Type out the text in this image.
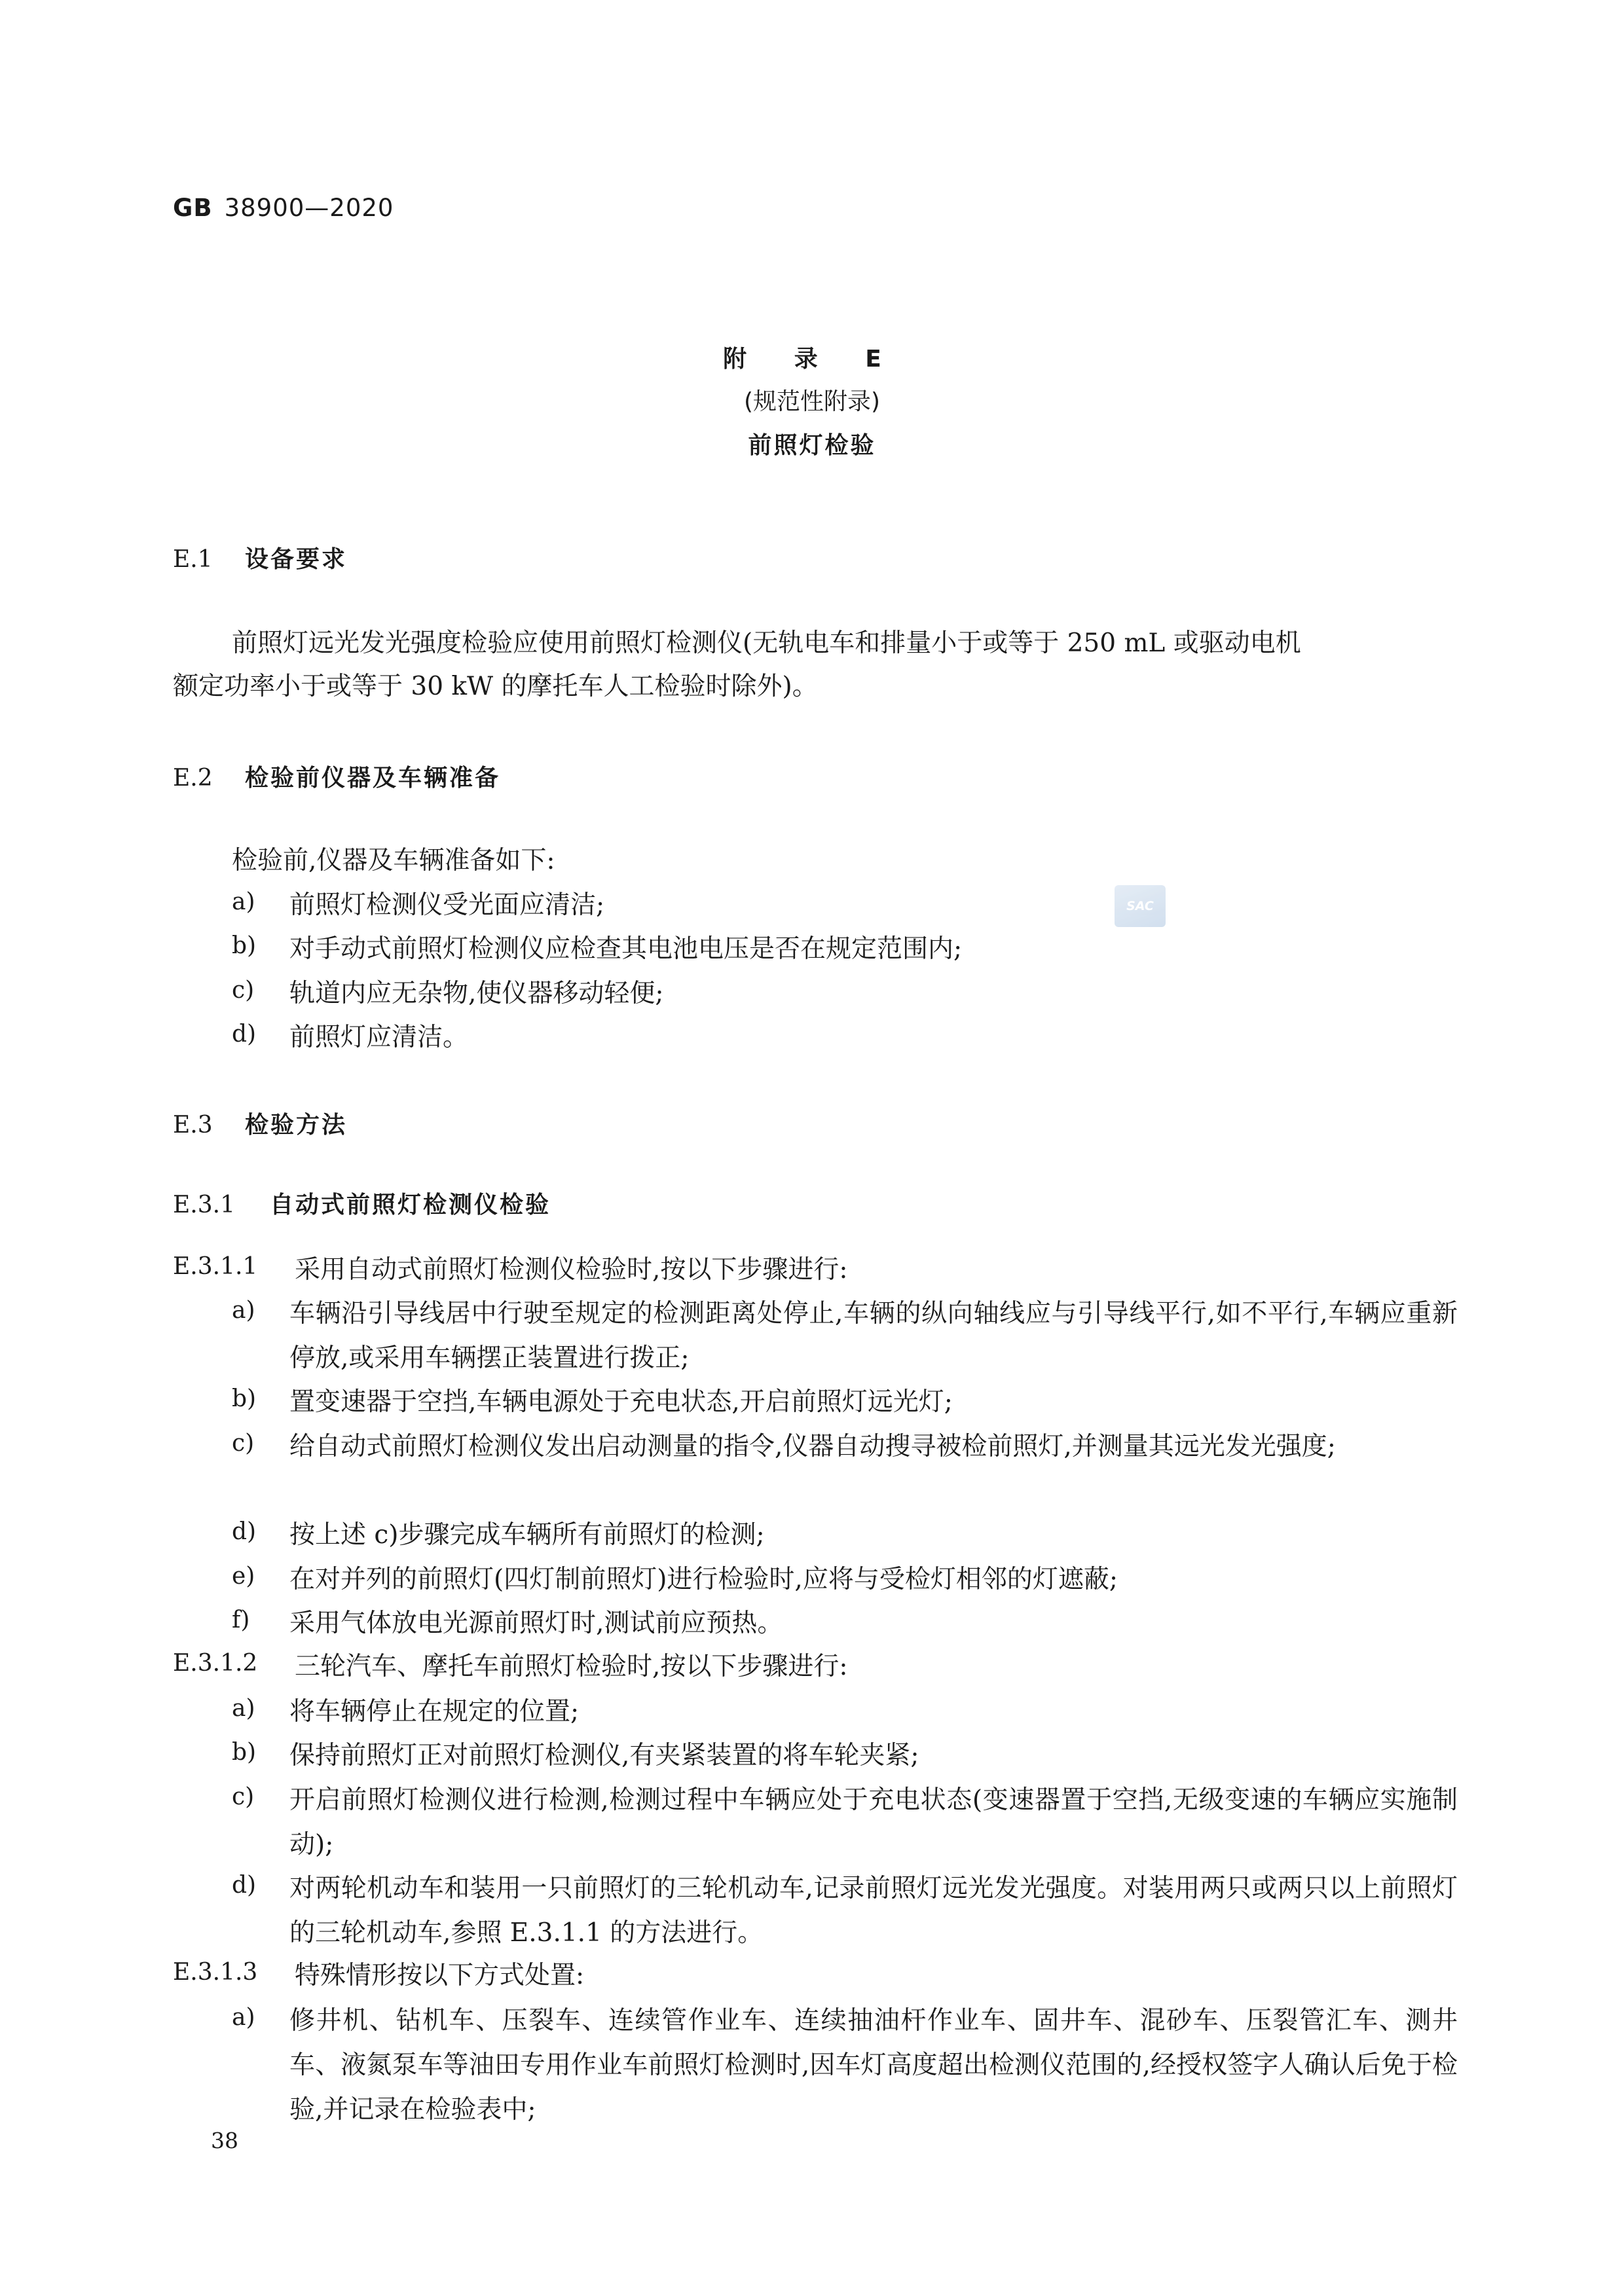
GB 38900—2020
附 录 E
(规范性附录)
前照灯检验
E.1 设备要求
前照灯远光发光强度检验应使用前照灯检测仪(无轨电车和排量小于或等于 250 mL 或驱动电机
额定功率小于或等于 30 kW 的摩托车人工检验时除外)。
E.2 检验前仪器及车辆准备
检验前,仪器及车辆准备如下:
a) 前照灯检测仪受光面应清洁;
b) 对手动式前照灯检测仪应检查其电池电压是否在规定范围内;
c) 轨道内应无杂物,使仪器移动轻便;
d) 前照灯应清洁。
SAC
E.3 检验方法
E.3.1 自动式前照灯检测仪检验
E.3.1.1 采用自动式前照灯检测仪检验时,按以下步骤进行:
a) 车辆沿引导线居中行驶至规定的检测距离处停止,车辆的纵向轴线应与引导线平行,如不平行,车辆应重新停放,或采用车辆摆正装置进行拨正;
b) 置变速器于空挡,车辆电源处于充电状态,开启前照灯远光灯;
c) 给自动式前照灯检测仪发出启动测量的指令,仪器自动搜寻被检前照灯,并测量其远光发光强度;
d) 按上述 c)步骤完成车辆所有前照灯的检测;
e) 在对并列的前照灯(四灯制前照灯)进行检验时,应将与受检灯相邻的灯遮蔽;
f) 采用气体放电光源前照灯时,测试前应预热。
E.3.1.2 三轮汽车、摩托车前照灯检验时,按以下步骤进行:
a) 将车辆停止在规定的位置;
b) 保持前照灯正对前照灯检测仪,有夹紧装置的将车轮夹紧;
c) 开启前照灯检测仪进行检测,检测过程中车辆应处于充电状态(变速器置于空挡,无级变速的车辆应实施制动);
d) 对两轮机动车和装用一只前照灯的三轮机动车,记录前照灯远光发光强度。对装用两只或两只以上前照灯的三轮机动车,参照 E.3.1.1 的方法进行。
E.3.1.3 特殊情形按以下方式处置:
a) 修井机、钻机车、压裂车、连续管作业车、连续抽油杆作业车、固井车、混砂车、压裂管汇车、测井车、液氮泵车等油田专用作业车前照灯检测时,因车灯高度超出检测仪范围的,经授权签字人确认后免于检验,并记录在检验表中;
38
